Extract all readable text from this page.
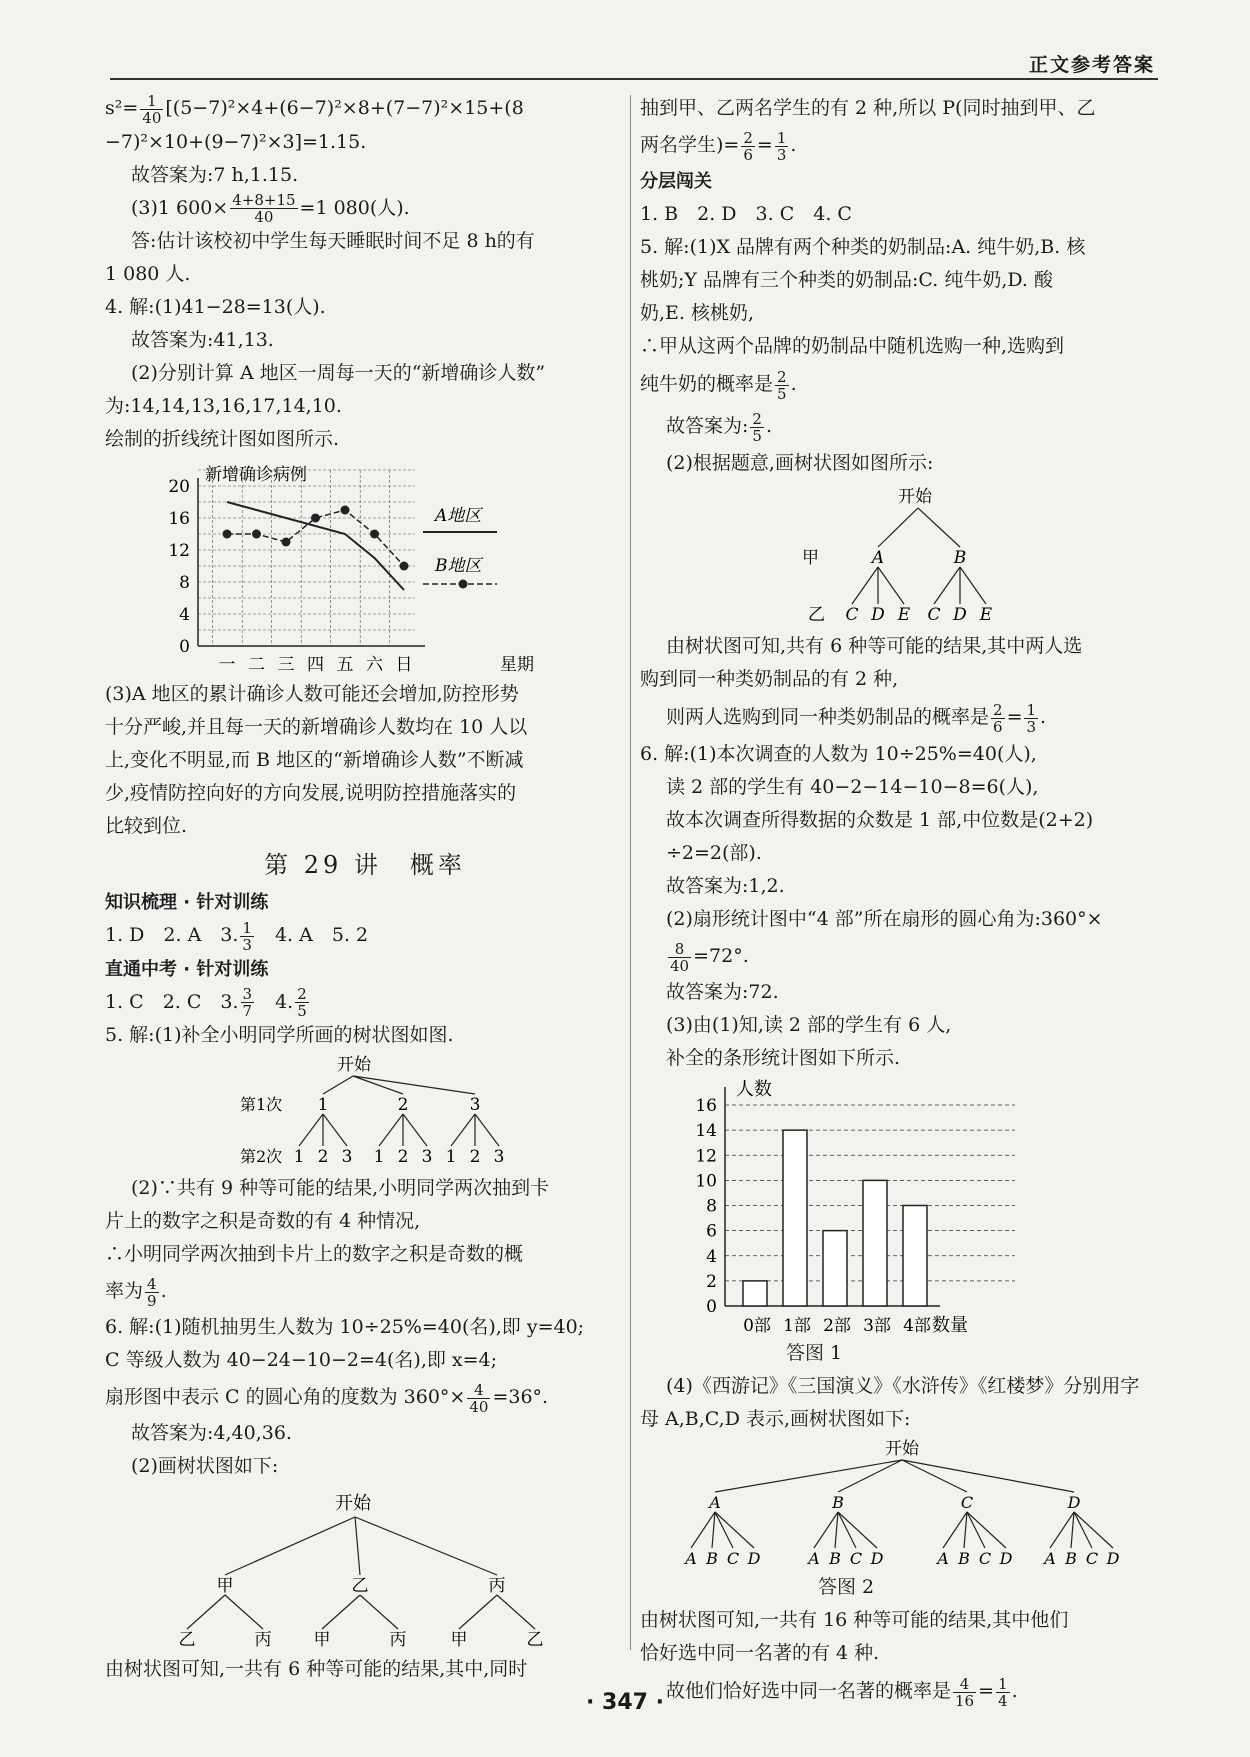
正文参考答案
$s^2= \frac{1}{40} [(5-7)^2\times 4+(6-7)^2\times 8+(7-7)^2\times 15+(8$
−7)²×10+(9−7)²×3]=1.15.
故答案为:7 h,1.15.
(3)1 $600\times \frac{4+8+15}{40} =1$ 080(人).
答:估计该校初中学生每天睡眠时间不足 8 h的有
1 080 人.
4. 解:(1)41−28=13(人).
故答案为:41,13.
(2)分别计算 A 地区一周每一天的“新增确诊人数”
为:14,14,13,16,17,14,10.
绘制的折线统计图如图所示.
新增确诊病例
0
4
8
12
16
20
A地区
B地区
一 二 三 四 五 六 日	星期
(3)A 地区的累计确诊人数可能还会增加,防控形势
十分严峻,并且每一天的新增确诊人数均在 10 人以
上,变化不明显,而 B 地区的“新增确诊人数”不断减
少,疫情防控向好的方向发展,说明防控措施落实的
比较到位.
第 29 讲　概率
知识梳理 · 针对训练
1. D　2. A　3. $\frac{1}{3}$ 　4. A　5. 2
直通中考 · 针对训练
1. C　2. C　3. $\frac{3}{7}$ 　4. $\frac{2}{5}$
5. 解:(1)补全小明同学所画的树状图如图.
开始
第1次
第2次
1
1 2 3
2
1 2 3
3
1 2 3
(2)∵共有 9 种等可能的结果,小明同学两次抽到卡
片上的数字之积是奇数的有 4 种情况,
∴小明同学两次抽到卡片上的数字之积是奇数的概
率为 $\frac{4}{9}$ .
6. 解:(1)随机抽男生人数为 10÷25%=40(名),即 y=40;
C 等级人数为 40−24−10−2=4(名),即 x=4;
扇形图中表示 C 的圆心角的度数为 $360^\circ\times \frac{4}{40} =36^\circ$.
故答案为:4,40,36.
(2)画树状图如下:
开始
甲
乙	丙
乙
甲	丙
丙
甲	乙
由树状图可知,一共有 6 种等可能的结果,其中,同时
抽到甲、乙两名学生的有 2 种,所以 P(同时抽到甲、乙
两名学生)= $\frac{2}{6} = \frac{1}{3}$ .
分层闯关
1. B　2. D　3. C　4. C
5. 解:(1)X 品牌有两个种类的奶制品:A. 纯牛奶,B. 核
桃奶;Y 品牌有三个种类的奶制品:C. 纯牛奶,D. 酸
奶,E. 核桃奶,
∴甲从这两个品牌的奶制品中随机选购一种,选购到
纯牛奶的概率是 $\frac{2}{5}$ .
故答案为: $\frac{2}{5}$ .
(2)根据题意,画树状图如图所示:
开始
甲
乙
A
C D E
B
C D E
由树状图可知,共有 6 种等可能的结果,其中两人选
购到同一种类奶制品的有 2 种,
则两人选购到同一种类奶制品的概率是 $\frac{2}{6} = \frac{1}{3}$ .
6. 解:(1)本次调查的人数为 10÷25%=40(人),
读 2 部的学生有 40−2−14−10−8=6(人),
故本次调查所得数据的众数是 1 部,中位数是(2+2)
÷2=2(部).
故答案为:1,2.
(2)扇形统计图中“4 部”所在扇形的圆心角为:360°×
$\frac{8}{40} =72^\circ$.
故答案为:72.
(3)由(1)知,读 2 部的学生有 6 人,
补全的条形统计图如下所示.
人数
0
2
4
6
8
10
12
14
16
0部 1部 2部 3部 4部 数量
答图 1
(4)《西游记》《三国演义》《水浒传》《红楼梦》分别用字
母 A,B,C,D 表示,画树状图如下:
开始
A
A B C D
B
A B C D
C
A B C D
D
A B C D
答图 2
由树状图可知,一共有 16 种等可能的结果,其中他们
恰好选中同一名著的有 4 种.
故他们恰好选中同一名著的概率是 $\frac{4}{16} = \frac{1}{4}$ .
· 347 ·
